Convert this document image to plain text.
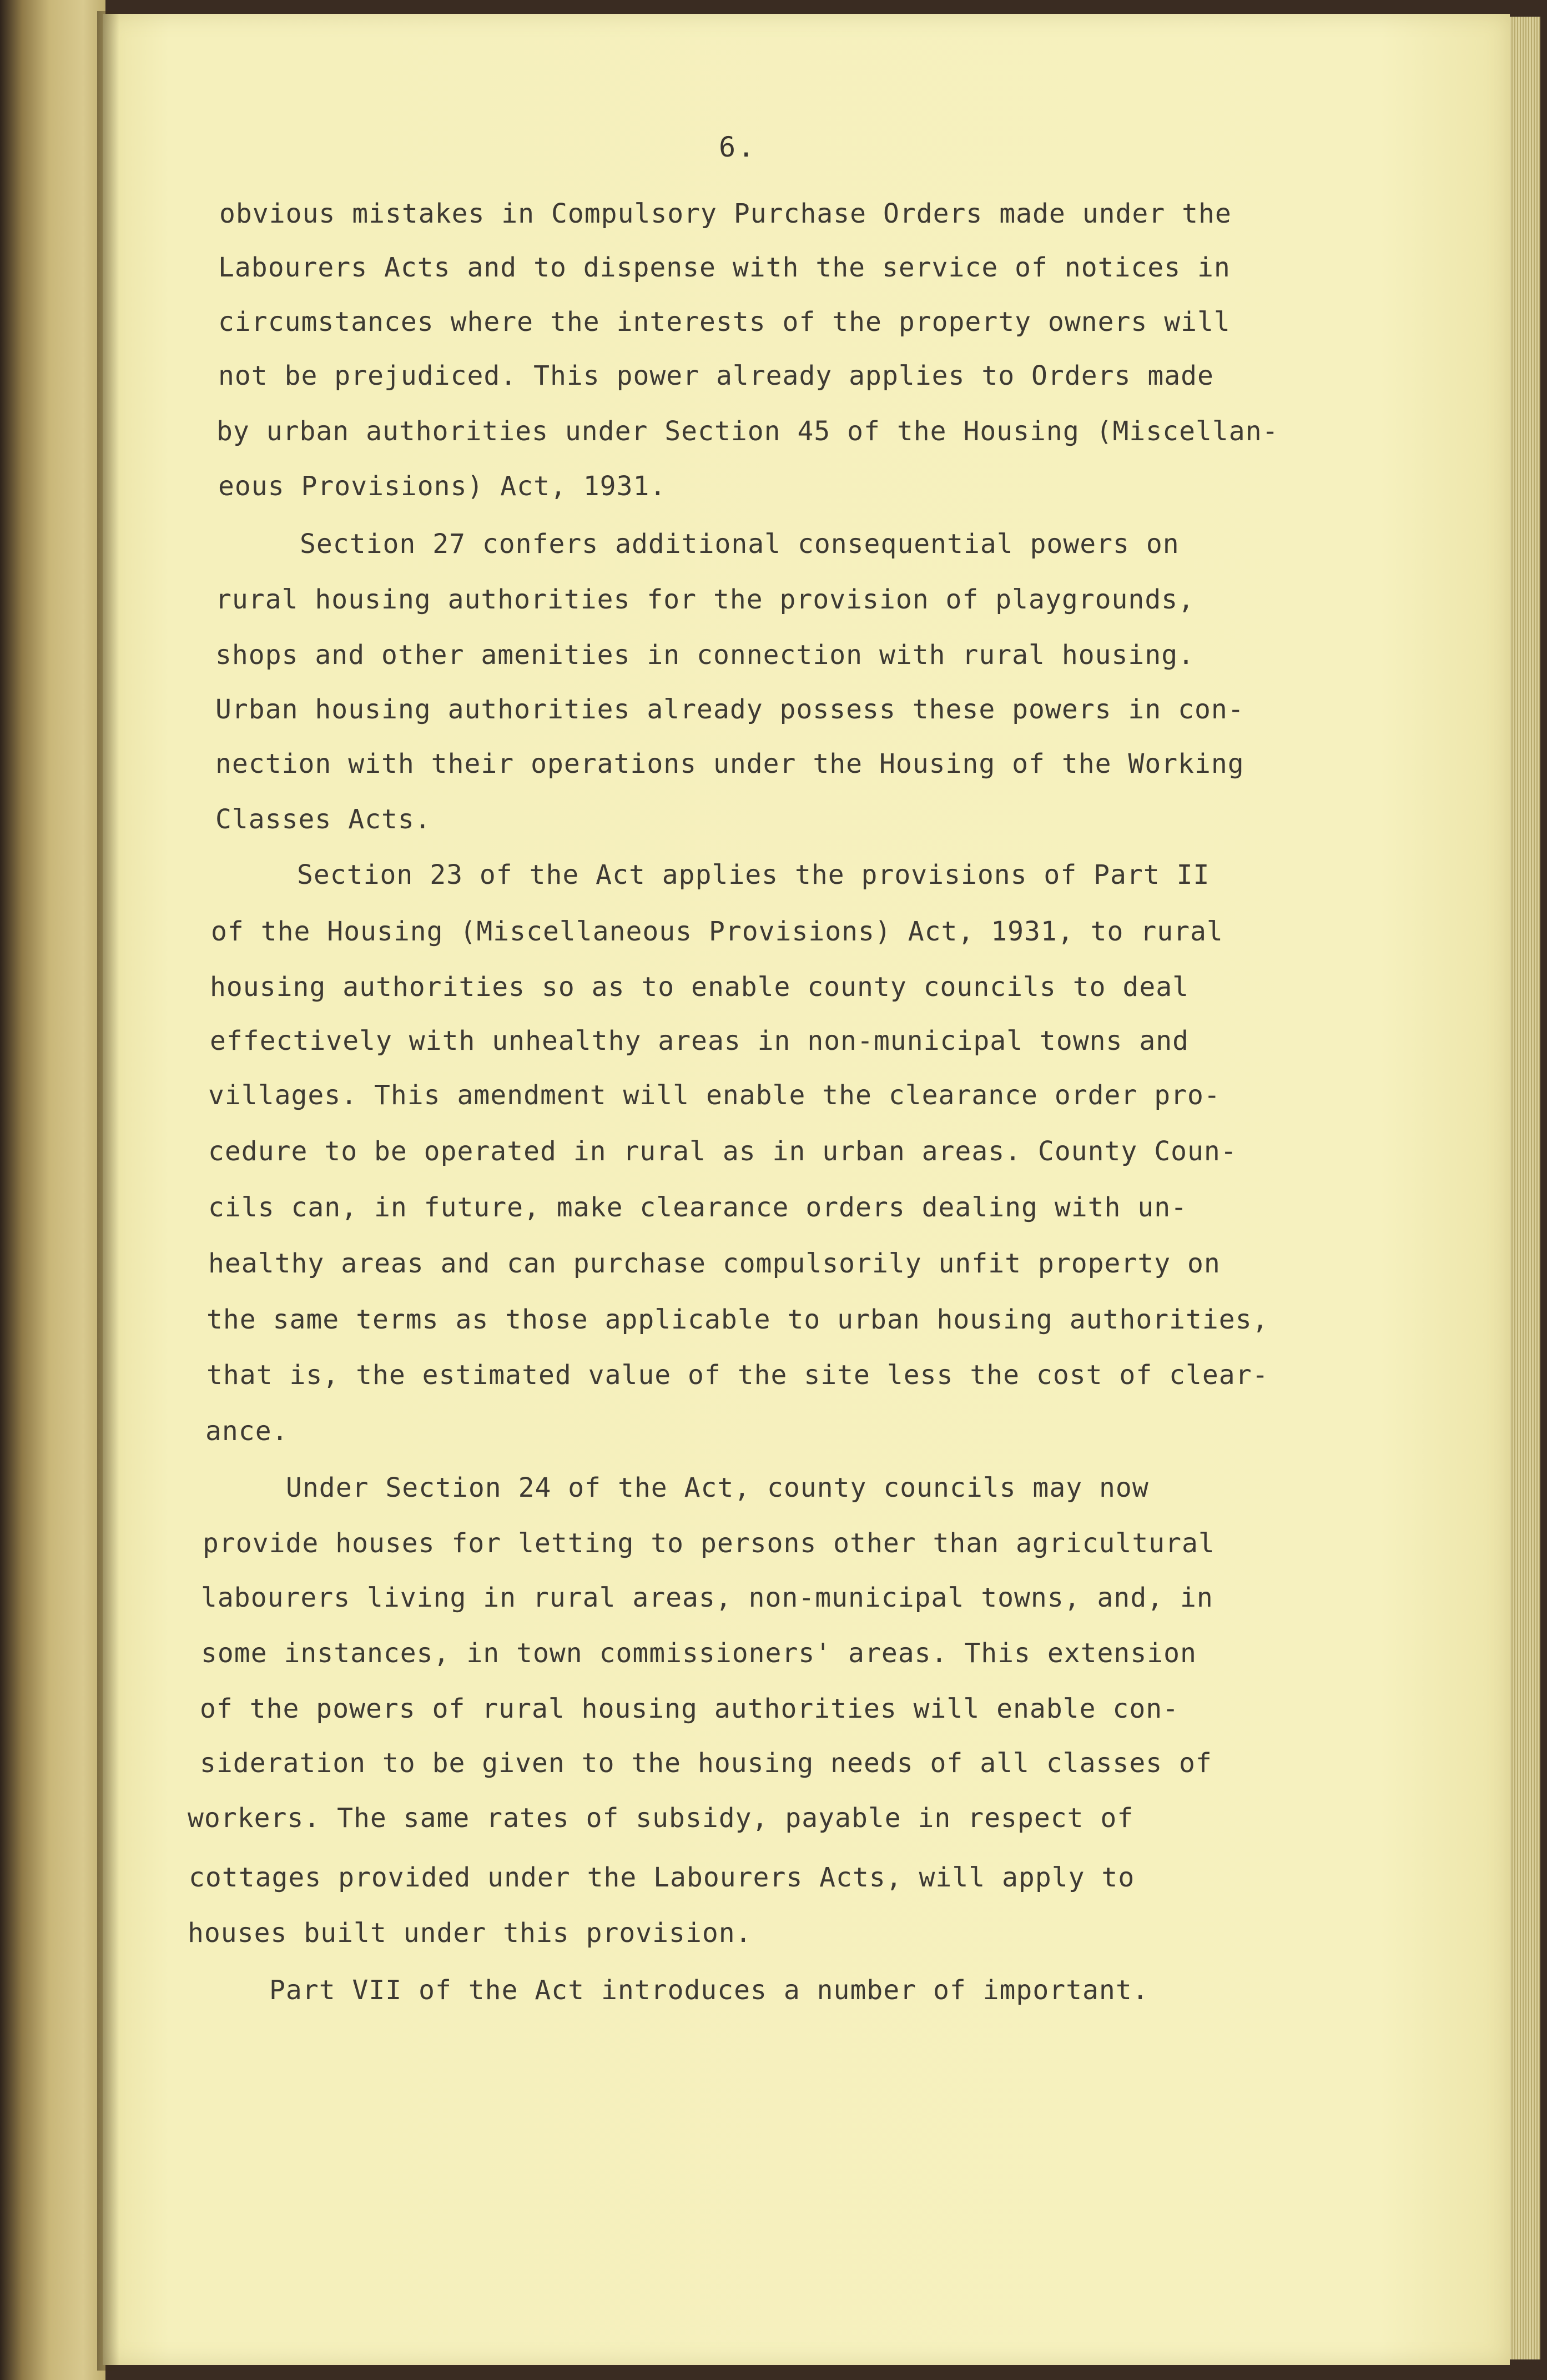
6.

obvious mistakes in Compulsory Purchase Orders made under the

Labourers Acts and to dispense with the service of notices in

circumstances where the interests of the property owners will

not be prejudiced. This power already applies to Orders made

by urban authorities under Section 45 of the Housing (Miscellan-

eous Provisions) Act, 1931.

Section 27 confers additional consequential powers on

rural housing authorities for the provision of playgrounds,

shops and other amenities in connection with rural housing.

Urban housing authorities already possess these powers in con-

nection with their operations under the Housing of the Working

Classes Acts.

Section 23 of the Act applies the provisions of Part II

of the Housing (Miscellaneous Provisions) Act, 1931, to rural

housing authorities so as to enable county councils to deal

effectively with unhealthy areas in non-municipal towns and

villages. This amendment will enable the clearance order pro-

cedure to be operated in rural as in urban areas. County Coun-

cils can, in future, make clearance orders dealing with un-

healthy areas and can purchase compulsorily unfit property on

the same terms as those applicable to urban housing authorities,

that is, the estimated value of the site less the cost of clear-

ance.

Under Section 24 of the Act, county councils may now

provide houses for letting to persons other than agricultural

labourers living in rural areas, non-municipal towns, and, in

some instances, in town commissioners' areas. This extension

of the powers of rural housing authorities will enable con-

sideration to be given to the housing needs of all classes of

workers. The same rates of subsidy, payable in respect of

cottages provided under the Labourers Acts, will apply to

houses built under this provision.

Part VII of the Act introduces a number of important.
